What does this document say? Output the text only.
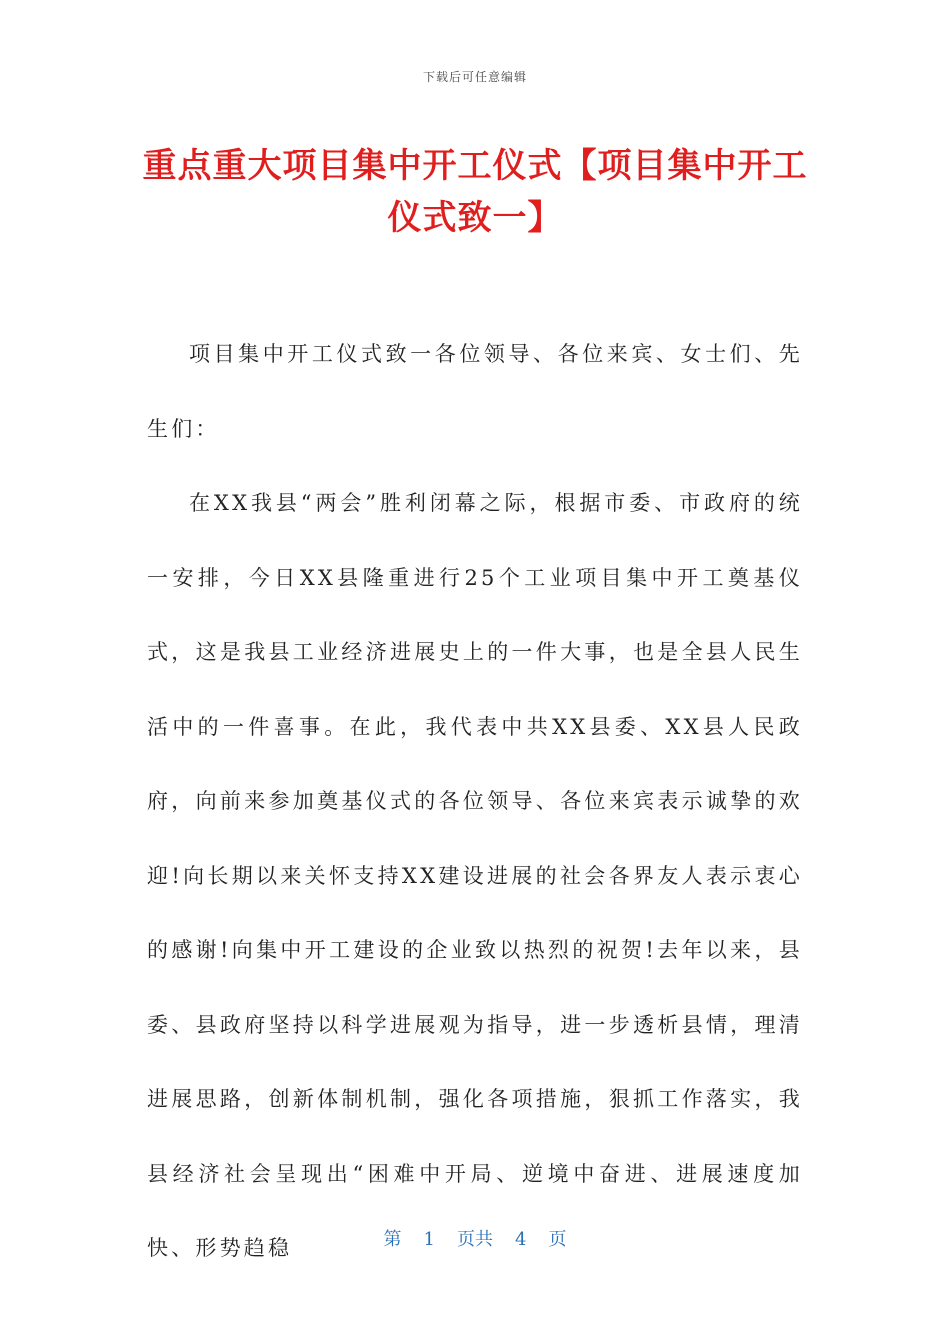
下载后可任意编辑
重点重大项目集中开工仪式【项目集中开工仪式致一】

项目集中开工仪式致一各位领导、各位来宾、女士们、先生们：

在XX我县“两会”胜利闭幕之际，根据市委、市政府的统一安排，今日XX县隆重进行25个工业项目集中开工奠基仪式，这是我县工业经济进展史上的一件大事，也是全县人民生活中的一件喜事。在此，我代表中共XX县委、XX县人民政府，向前来参加奠基仪式的各位领导、各位来宾表示诚挚的欢迎!向长期以来关怀支持XX建设进展的社会各界友人表示衷心的感谢!向集中开工建设的企业致以热烈的祝贺!去年以来，县委、县政府坚持以科学进展观为指导，进一步透析县情，理清进展思路，创新体制机制，强化各项措施，狠抓工作落实，我县经济社会呈现出“困难中开局、逆境中奋进、进展速度加快、形势趋稳	第 1 页共 4 页
